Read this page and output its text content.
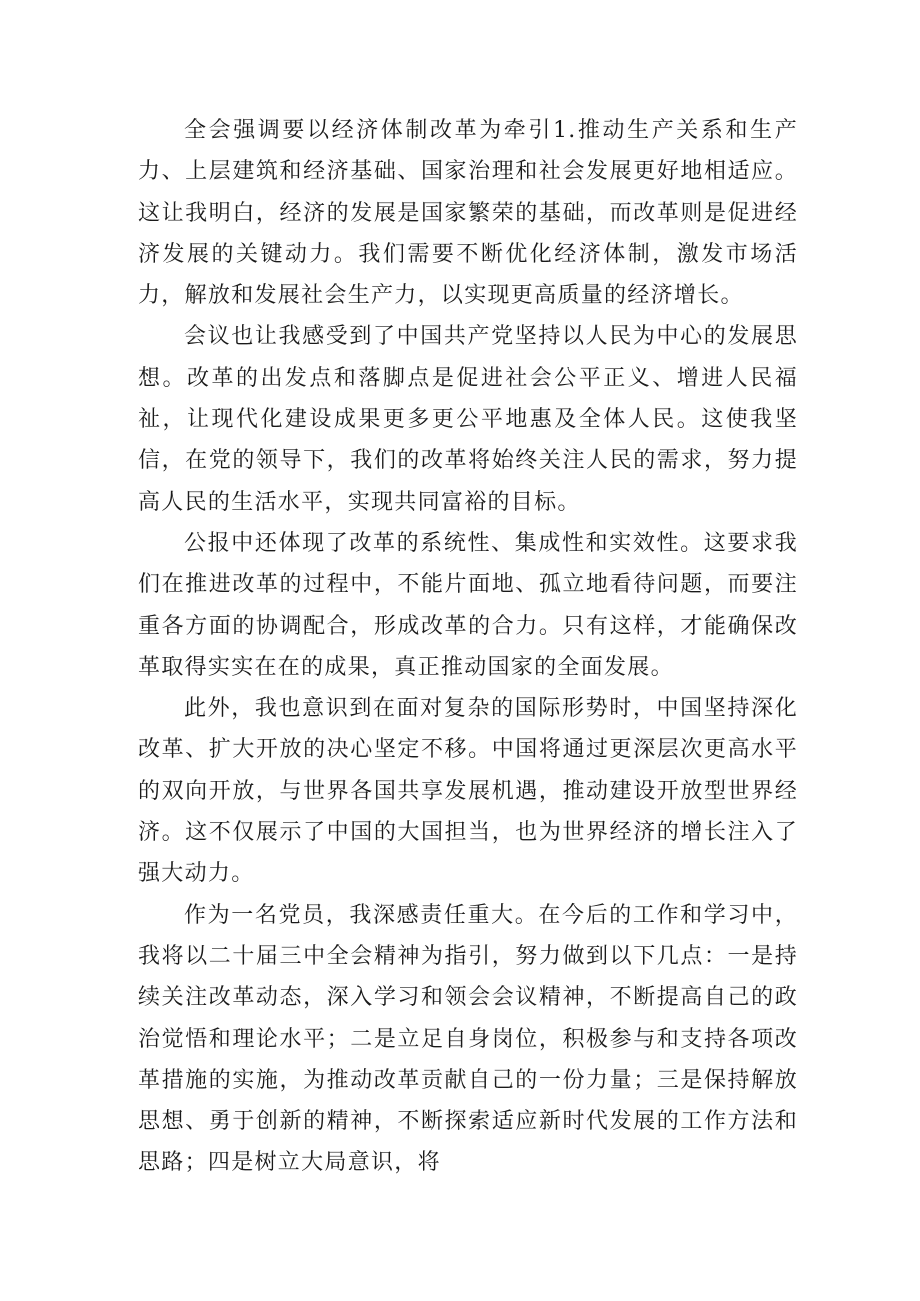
全会强调要以经济体制改革为牵引1.推动生产关系和生产力、上层建筑和经济基础、国家治理和社会发展更好地相适应。这让我明白，经济的发展是国家繁荣的基础，而改革则是促进经济发展的关键动力。我们需要不断优化经济体制，激发市场活力，解放和发展社会生产力，以实现更高质量的经济增长。

会议也让我感受到了中国共产党坚持以人民为中心的发展思想。改革的出发点和落脚点是促进社会公平正义、增进人民福祉，让现代化建设成果更多更公平地惠及全体人民。这使我坚信，在党的领导下，我们的改革将始终关注人民的需求，努力提高人民的生活水平，实现共同富裕的目标。

公报中还体现了改革的系统性、集成性和实效性。这要求我们在推进改革的过程中，不能片面地、孤立地看待问题，而要注重各方面的协调配合，形成改革的合力。只有这样，才能确保改革取得实实在在的成果，真正推动国家的全面发展。

此外，我也意识到在面对复杂的国际形势时，中国坚持深化改革、扩大开放的决心坚定不移。中国将通过更深层次更高水平的双向开放，与世界各国共享发展机遇，推动建设开放型世界经济。这不仅展示了中国的大国担当，也为世界经济的增长注入了强大动力。

作为一名党员，我深感责任重大。在今后的工作和学习中，我将以二十届三中全会精神为指引，努力做到以下几点：一是持续关注改革动态，深入学习和领会会议精神，不断提高自己的政治觉悟和理论水平；二是立足自身岗位，积极参与和支持各项改革措施的实施，为推动改革贡献自己的一份力量；三是保持解放思想、勇于创新的精神，不断探索适应新时代发展的工作方法和思路；四是树立大局意识，将
